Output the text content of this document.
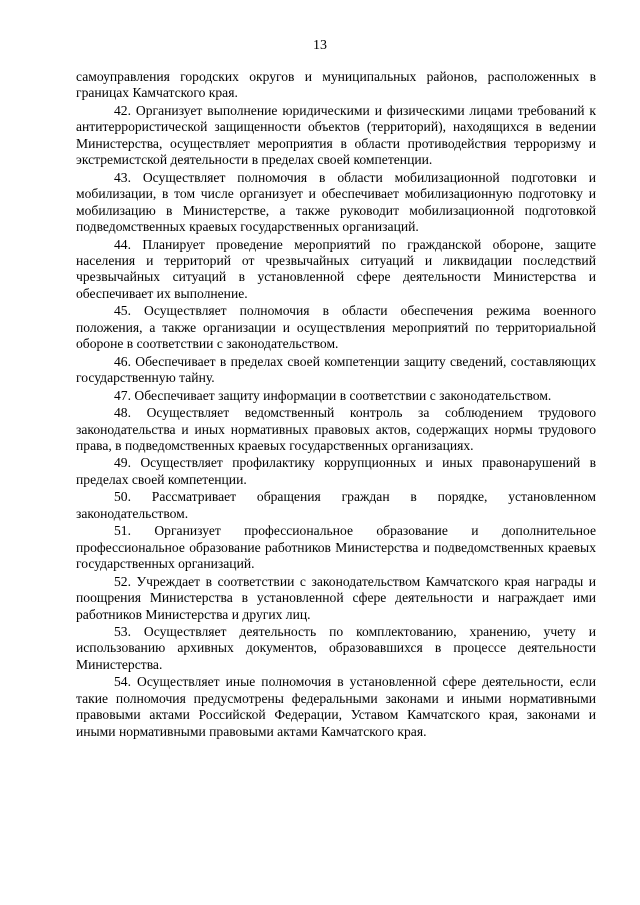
13

самоуправления городских округов и муниципальных районов, расположенных в границах Камчатского края.

42. Организует выполнение юридическими и физическими лицами требований к антитеррористической защищенности объектов (территорий), находящихся в ведении Министерства, осуществляет мероприятия в области противодействия терроризму и экстремистской деятельности в пределах своей компетенции.

43. Осуществляет полномочия в области мобилизационной подготовки и мобилизации, в том числе организует и обеспечивает мобилизационную подготовку и мобилизацию в Министерстве, а также руководит мобилизационной подготовкой подведомственных краевых государственных организаций.

44. Планирует проведение мероприятий по гражданской обороне, защите населения и территорий от чрезвычайных ситуаций и ликвидации последствий чрезвычайных ситуаций в установленной сфере деятельности Министерства и обеспечивает их выполнение.

45. Осуществляет полномочия в области обеспечения режима военного положения, а также организации и осуществления мероприятий по территориальной обороне в соответствии с законодательством.

46. Обеспечивает в пределах своей компетенции защиту сведений, составляющих государственную тайну.

47. Обеспечивает защиту информации в соответствии с законодательством.

48. Осуществляет ведомственный контроль за соблюдением трудового законодательства и иных нормативных правовых актов, содержащих нормы трудового права, в подведомственных краевых государственных организациях.

49. Осуществляет профилактику коррупционных и иных правонарушений в пределах своей компетенции.

50. Рассматривает обращения граждан в порядке, установленном законодательством.

51. Организует профессиональное образование и дополнительное профессиональное образование работников Министерства и подведомственных краевых государственных организаций.

52. Учреждает в соответствии с законодательством Камчатского края награды и поощрения Министерства в установленной сфере деятельности и награждает ими работников Министерства и других лиц.

53. Осуществляет деятельность по комплектованию, хранению, учету и использованию архивных документов, образовавшихся в процессе деятельности Министерства.

54. Осуществляет иные полномочия в установленной сфере деятельности, если такие полномочия предусмотрены федеральными законами и иными нормативными правовыми актами Российской Федерации, Уставом Камчатского края, законами и иными нормативными правовыми актами Камчатского края.
